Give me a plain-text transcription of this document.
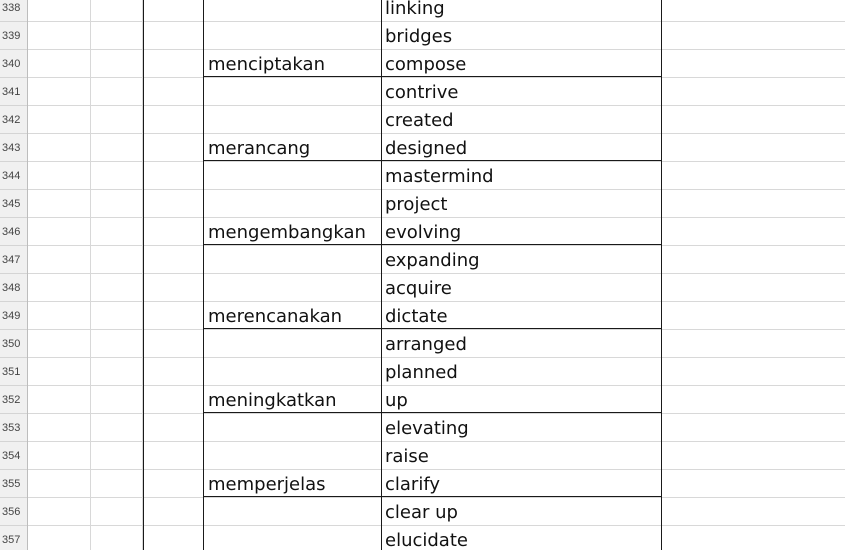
338	linking
339	bridges
340	menciptakan	compose
341	contrive
342	created
343	merancang	designed
344	mastermind
345	project
346	mengembangkan	evolving
347	expanding
348	acquire
349	merencanakan	dictate
350	arranged
351	planned
352	meningkatkan	up
353	elevating
354	raise
355	memperjelas	clarify
356	clear up
357	elucidate
